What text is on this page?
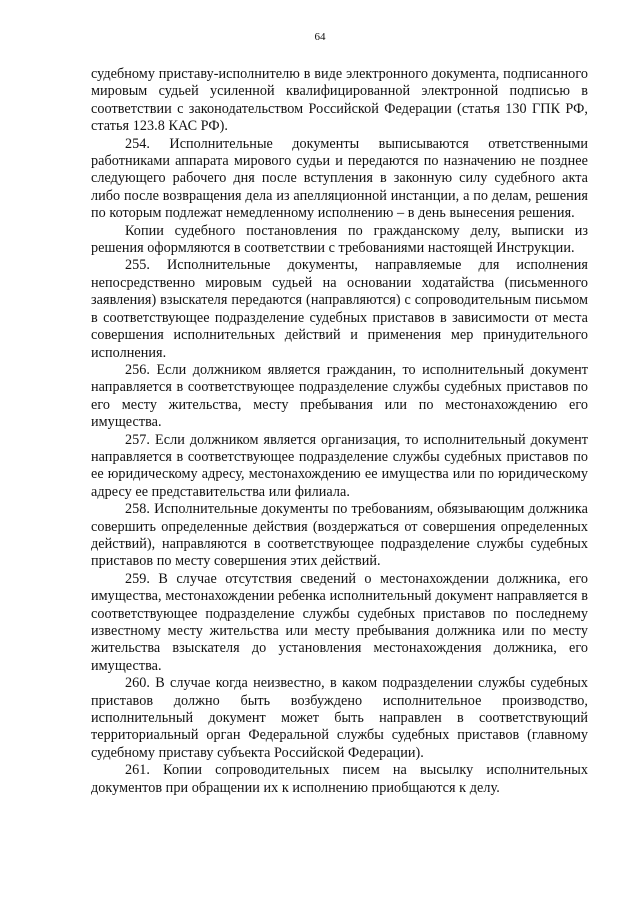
64

судебному приставу-исполнителю в виде электронного документа, подписанного мировым судьей усиленной квалифицированной электронной подписью в соответствии с законодательством Российской Федерации (статья 130 ГПК РФ, статья 123.8 КАС РФ).

254. Исполнительные документы выписываются ответственными работниками аппарата мирового судьи и передаются по назначению не позднее следующего рабочего дня после вступления в законную силу судебного акта либо после возвращения дела из апелляционной инстанции, а по делам, решения по которым подлежат немедленному исполнению – в день вынесения решения.

Копии судебного постановления по гражданскому делу, выписки из решения оформляются в соответствии с требованиями настоящей Инструкции.

255. Исполнительные документы, направляемые для исполнения непосредственно мировым судьей на основании ходатайства (письменного заявления) взыскателя передаются (направляются) с сопроводительным письмом в соответствующее подразделение судебных приставов в зависимости от места совершения исполнительных действий и применения мер принудительного исполнения.

256. Если должником является гражданин, то исполнительный документ направляется в соответствующее подразделение службы судебных приставов по его месту жительства, месту пребывания или по местонахождению его имущества.

257. Если должником является организация, то исполнительный документ направляется в соответствующее подразделение службы судебных приставов по ее юридическому адресу, местонахождению ее имущества или по юридическому адресу ее представительства или филиала.

258. Исполнительные документы по требованиям, обязывающим должника совершить определенные действия (воздержаться от совершения определенных действий), направляются в соответствующее подразделение службы судебных приставов по месту совершения этих действий.

259. В случае отсутствия сведений о местонахождении должника, его имущества, местонахождении ребенка исполнительный документ направляется в соответствующее подразделение службы судебных приставов по последнему известному месту жительства или месту пребывания должника или по месту жительства взыскателя до установления местонахождения должника, его имущества.

260. В случае когда неизвестно, в каком подразделении службы судебных приставов должно быть возбуждено исполнительное производство, исполнительный документ может быть направлен в соответствующий территориальный орган Федеральной службы судебных приставов (главному судебному приставу субъекта Российской Федерации).

261. Копии сопроводительных писем на высылку исполнительных документов при обращении их к исполнению приобщаются к делу.
